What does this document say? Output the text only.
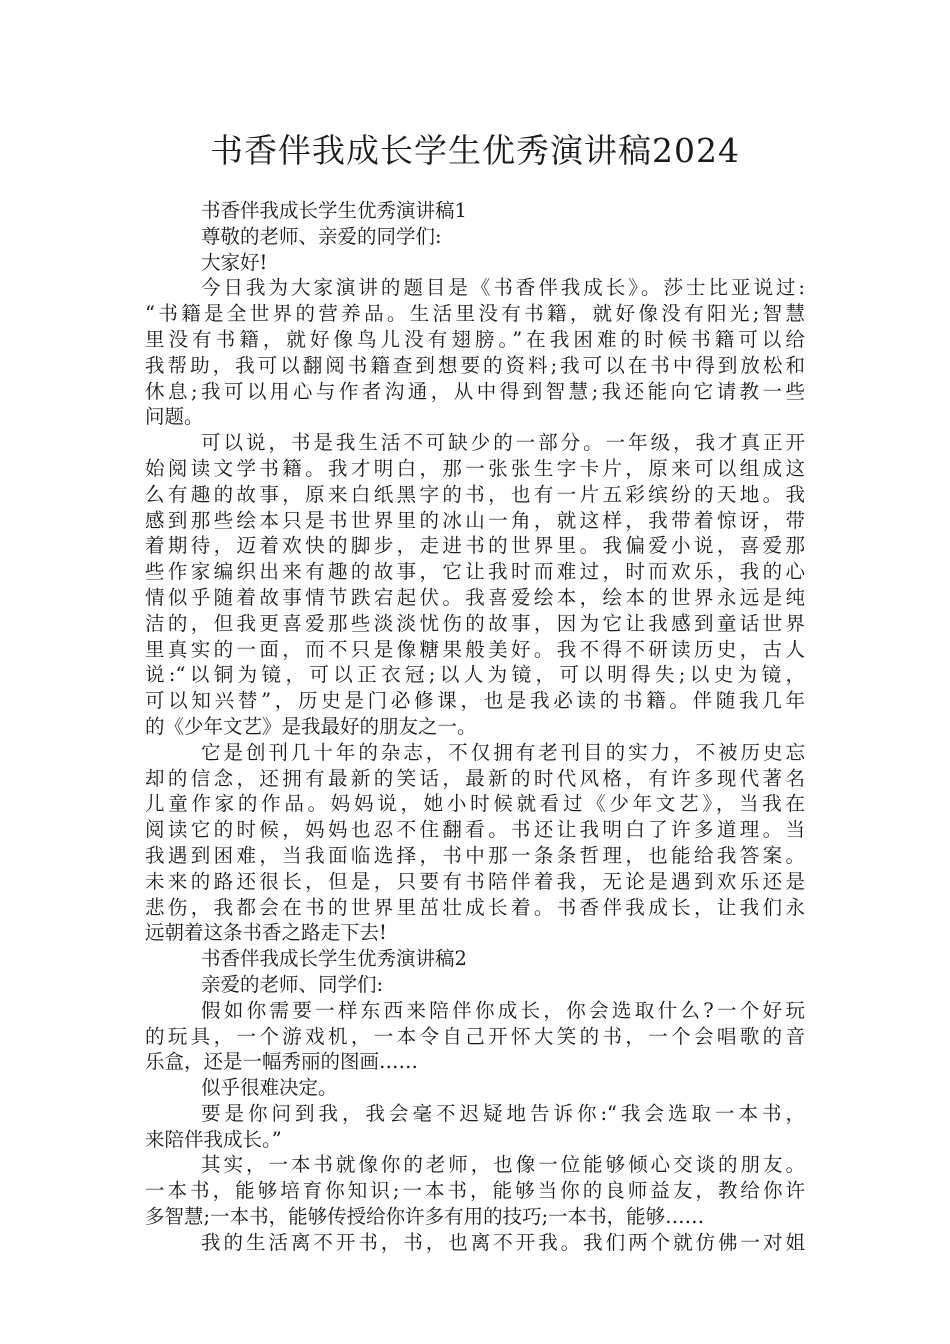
书香伴我成长学生优秀演讲稿2024

书香伴我成长学生优秀演讲稿1

尊敬的老师、亲爱的同学们:

大家好!

今日我为大家演讲的题目是《书香伴我成长》。莎士比亚说过:

“书籍是全世界的营养品。生活里没有书籍，就好像没有阳光;智慧

里没有书籍，就好像鸟儿没有翅膀。”在我困难的时候书籍可以给

我帮助，我可以翻阅书籍查到想要的资料;我可以在书中得到放松和

休息;我可以用心与作者沟通，从中得到智慧;我还能向它请教一些

问题。

可以说，书是我生活不可缺少的一部分。一年级，我才真正开

始阅读文学书籍。我才明白，那一张张生字卡片，原来可以组成这

么有趣的故事，原来白纸黑字的书，也有一片五彩缤纷的天地。我

感到那些绘本只是书世界里的冰山一角，就这样，我带着惊讶，带

着期待，迈着欢快的脚步，走进书的世界里。我偏爱小说，喜爱那

些作家编织出来有趣的故事，它让我时而难过，时而欢乐，我的心

情似乎随着故事情节跌宕起伏。我喜爱绘本，绘本的世界永远是纯

洁的，但我更喜爱那些淡淡忧伤的故事，因为它让我感到童话世界

里真实的一面，而不只是像糖果般美好。我不得不研读历史，古人

说:“以铜为镜，可以正衣冠;以人为镜，可以明得失;以史为镜，

可以知兴替”，历史是门必修课，也是我必读的书籍。伴随我几年

的《少年文艺》是我最好的朋友之一。

它是创刊几十年的杂志，不仅拥有老刊目的实力，不被历史忘

却的信念，还拥有最新的笑话，最新的时代风格，有许多现代著名

儿童作家的作品。妈妈说，她小时候就看过《少年文艺》，当我在

阅读它的时候，妈妈也忍不住翻看。书还让我明白了许多道理。当

我遇到困难，当我面临选择，书中那一条条哲理，也能给我答案。

未来的路还很长，但是，只要有书陪伴着我，无论是遇到欢乐还是

悲伤，我都会在书的世界里茁壮成长着。书香伴我成长，让我们永

远朝着这条书香之路走下去!

书香伴我成长学生优秀演讲稿2

亲爱的老师、同学们:

假如你需要一样东西来陪伴你成长，你会选取什么?一个好玩

的玩具，一个游戏机，一本令自己开怀大笑的书，一个会唱歌的音

乐盒，还是一幅秀丽的图画……

似乎很难决定。

要是你问到我，我会毫不迟疑地告诉你:“我会选取一本书，

来陪伴我成长。”

其实，一本书就像你的老师，也像一位能够倾心交谈的朋友。

一本书，能够培育你知识;一本书，能够当你的良师益友，教给你许

多智慧;一本书，能够传授给你许多有用的技巧;一本书，能够……

我的生活离不开书，书，也离不开我。我们两个就仿佛一对姐
